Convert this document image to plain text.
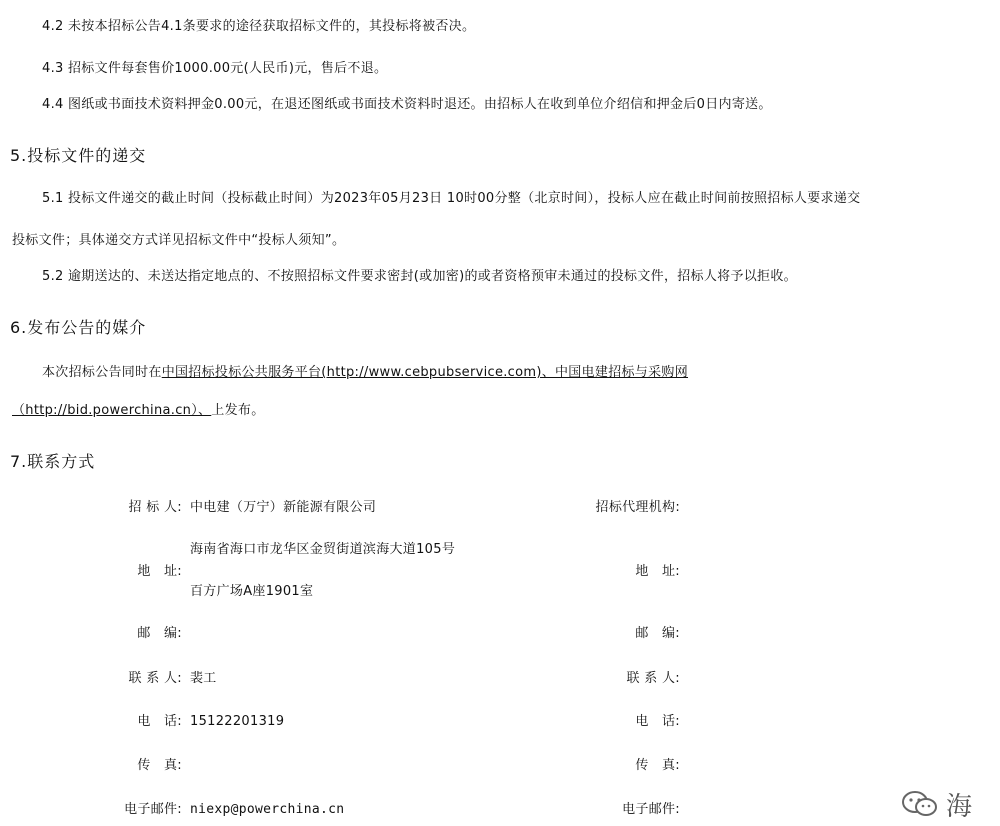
4.2 未按本招标公告4.1条要求的途径获取招标文件的，其投标将被否决。
4.3 招标文件每套售价1000.00元(人民币)元，售后不退。
4.4 图纸或书面技术资料押金0.00元，在退还图纸或书面技术资料时退还。由招标人在收到单位介绍信和押金后0日内寄送。
5.投标文件的递交
5.1 投标文件递交的截止时间（投标截止时间）为2023年05月23日 10时00分整（北京时间），投标人应在截止时间前按照招标人要求递交
投标文件；具体递交方式详见招标文件中“投标人须知”。
5.2 逾期送达的、未送达指定地点的、不按照招标文件要求密封(或加密)的或者资格预审未通过的投标文件，招标人将予以拒收。
6.发布公告的媒介
本次招标公告同时在中国招标投标公共服务平台(http://www.cebpubservice.com)、中国电建招标与采购网
（http://bid.powerchina.cn）、上发布。
7.联系方式
招 标 人: 中电建（万宁）新能源有限公司
地　址:
海南省海口市龙华区金贸街道滨海大道105号
百方广场A座1901室
邮　编:
联 系 人: 裴工
电　话: 15122201319
传　真:
电子邮件: niexp@powerchina.cn
招标代理机构:
地　址:
邮　编:
联 系 人:
电　话:
传　真:
电子邮件:	海
